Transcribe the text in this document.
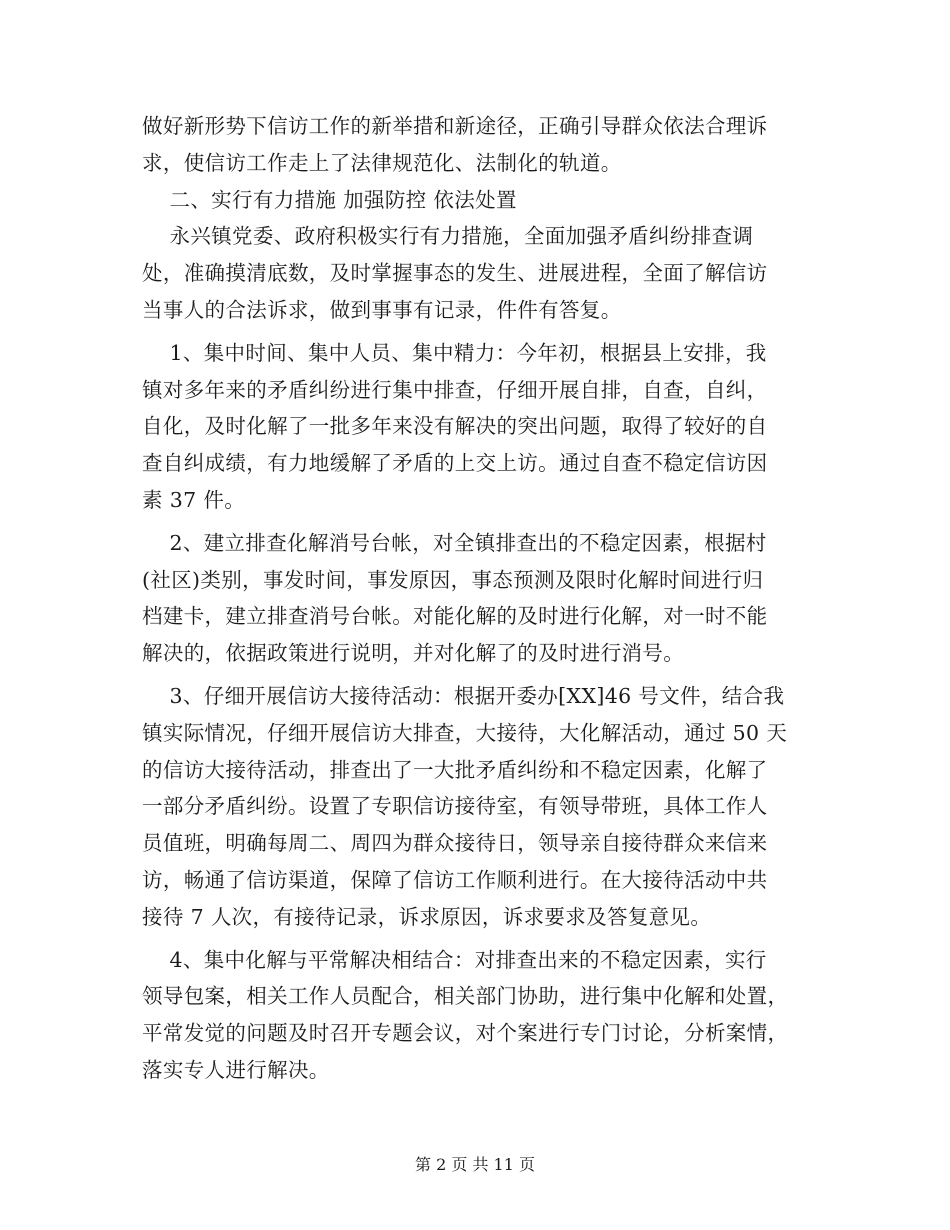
做好新形势下信访工作的新举措和新途径，正确引导群众依法合理诉
求，使信访工作走上了法律规范化、法制化的轨道。
二、实行有力措施 加强防控 依法处置
永兴镇党委、政府积极实行有力措施，全面加强矛盾纠纷排查调
处，准确摸清底数，及时掌握事态的发生、进展进程，全面了解信访
当事人的合法诉求，做到事事有记录，件件有答复。
1、集中时间、集中人员、集中精力：今年初，根据县上安排，我
镇对多年来的矛盾纠纷进行集中排查，仔细开展自排，自查，自纠，
自化，及时化解了一批多年来没有解决的突出问题，取得了较好的自
查自纠成绩，有力地缓解了矛盾的上交上访。通过自查不稳定信访因
素 37 件。
2、建立排查化解消号台帐，对全镇排查出的不稳定因素，根据村
(社区)类别，事发时间，事发原因，事态预测及限时化解时间进行归
档建卡，建立排查消号台帐。对能化解的及时进行化解，对一时不能
解决的，依据政策进行说明，并对化解了的及时进行消号。
3、仔细开展信访大接待活动：根据开委办[XX]46 号文件，结合我
镇实际情况，仔细开展信访大排查，大接待，大化解活动，通过 50 天
的信访大接待活动，排查出了一大批矛盾纠纷和不稳定因素，化解了
一部分矛盾纠纷。设置了专职信访接待室，有领导带班，具体工作人
员值班，明确每周二、周四为群众接待日，领导亲自接待群众来信来
访，畅通了信访渠道，保障了信访工作顺利进行。在大接待活动中共
接待 7 人次，有接待记录，诉求原因，诉求要求及答复意见。
4、集中化解与平常解决相结合：对排查出来的不稳定因素，实行
领导包案，相关工作人员配合，相关部门协助，进行集中化解和处置，
平常发觉的问题及时召开专题会议，对个案进行专门讨论，分析案情，
落实专人进行解决。
第 2 页 共 11 页
